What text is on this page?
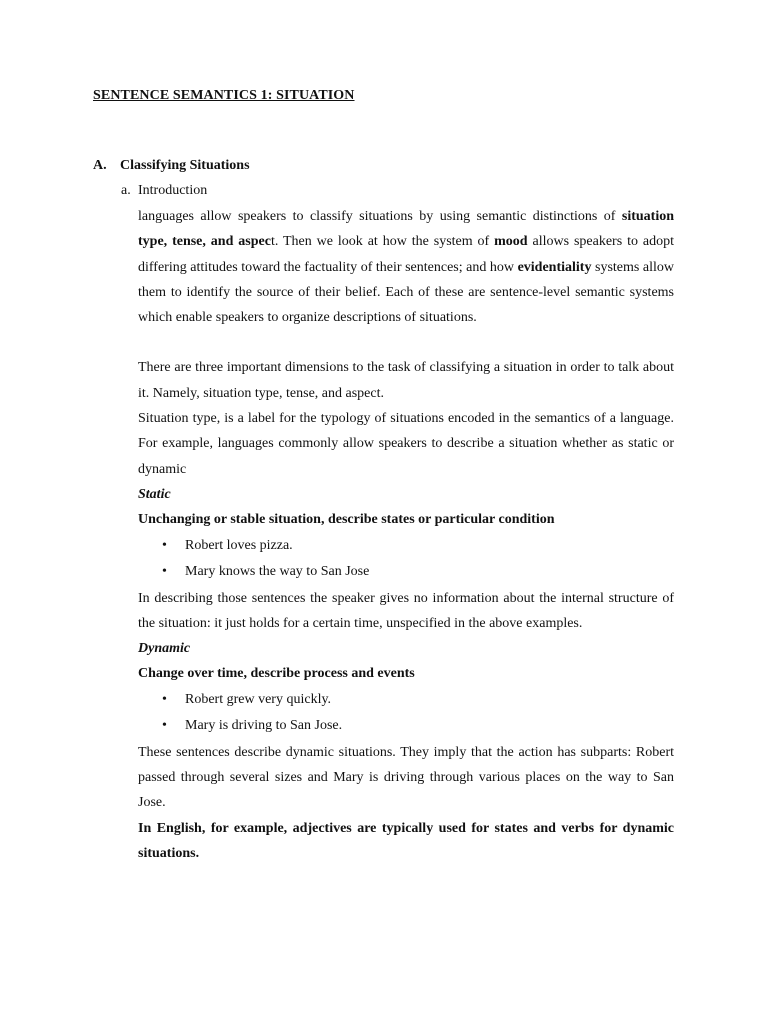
SENTENCE SEMANTICS 1: SITUATION
A. Classifying Situations
a. Introduction

languages allow speakers to classify situations by using semantic distinctions of situation type, tense, and aspect. Then we look at how the system of mood allows speakers to adopt differing attitudes toward the factuality of their sentences; and how evidentiality systems allow them to identify the source of their belief. Each of these are sentence-level semantic systems which enable speakers to organize descriptions of situations.

There are three important dimensions to the task of classifying a situation in order to talk about it. Namely, situation type, tense, and aspect.

Situation type, is a label for the typology of situations encoded in the semantics of a language. For example, languages commonly allow speakers to describe a situation whether as static or dynamic

Static

Unchanging or stable situation, describe states or particular condition

• Robert loves pizza.
• Mary knows the way to San Jose

In describing those sentences the speaker gives no information about the internal structure of the situation: it just holds for a certain time, unspecified in the above examples.

Dynamic

Change over time, describe process and events

• Robert grew very quickly.
• Mary is driving to San Jose.

These sentences describe dynamic situations. They imply that the action has subparts: Robert passed through several sizes and Mary is driving through various places on the way to San Jose.

In English, for example, adjectives are typically used for states and verbs for dynamic situations.
